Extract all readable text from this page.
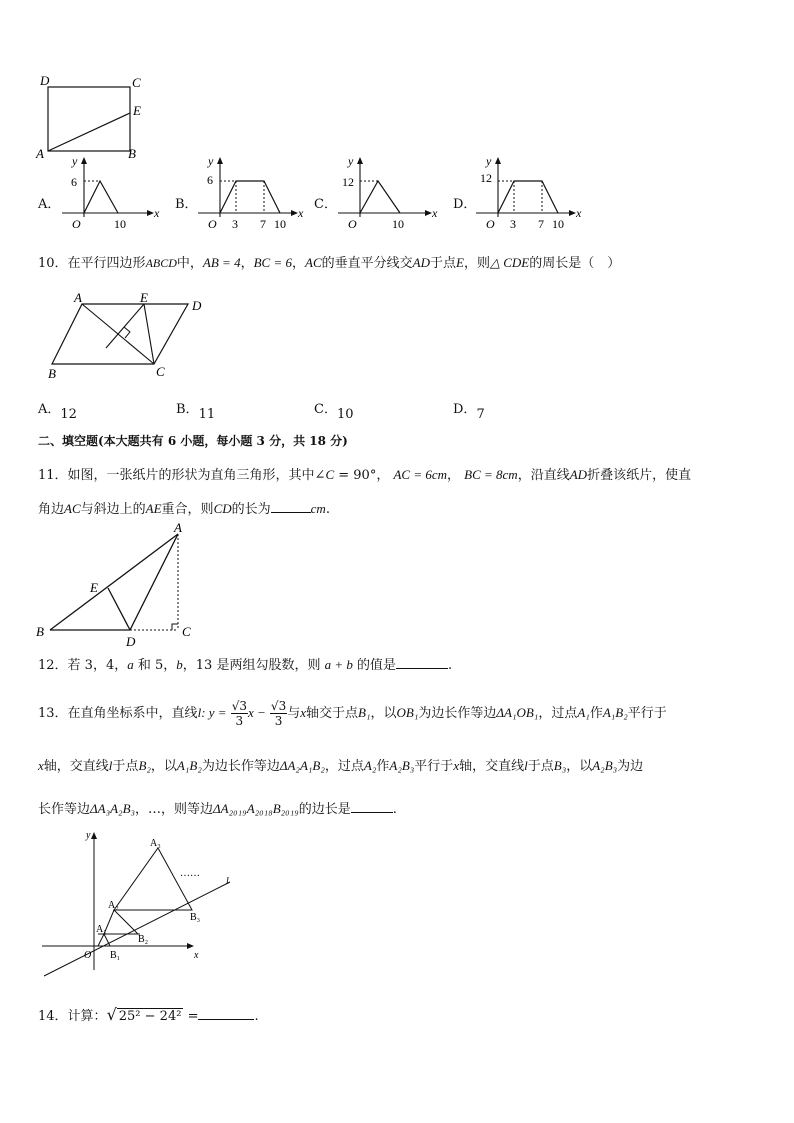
D	C
E
A	B
A．
y
x
6
O	10
B．
y
x
6
O 3 7 10
C．
y
x
12
O	10
D．
y
x
12
O 3 7 10
10．在平行四边形ABCD中，AB = 4，BC = 6，AC的垂直平分线交AD于点E，则△ CDE的周长是（　）
A	E
D
B	C
A．12	B．11	C．10	D．7
二、填空题(本大题共有 6 小题，每小题 3 分，共 18 分)
11．如图，一张纸片的形状为直角三角形，其中∠C = 90°， AC = 6cm， BC = 8cm，沿直线AD折叠该纸片，使直
角边AC与斜边上的AE重合，则CD的长为	cm.
A
E
B
D
C
12．若 3，4，a 和 5，b，13 是两组勾股数，则 a + b 的值是	.
13．在直角坐标系中，直线l: $y = \frac{√3}{3}$ $x - \frac{√3}{3}$ 与x轴交于点B₁，以OB₁为边长作等边ΔA₁OB₁，过点A₁作A₁B₂平行于
x轴，交直线l于点B₂，以A₁B₂为边长作等边ΔA₂A₁B₂，过点A₂作A₂B₃平行于x轴，交直线l于点B₃，以A₂B₃为边
长作等边ΔA₃A₂B₃，…，则等边ΔA₂₀₁₉A₂₀₁₈B₂₀₁₉的边长是	.
……
y
x
O
l
A₁
A₂
A₃
B₁
B₂
B₃
14．计算：√ 25² − 24² =	.
